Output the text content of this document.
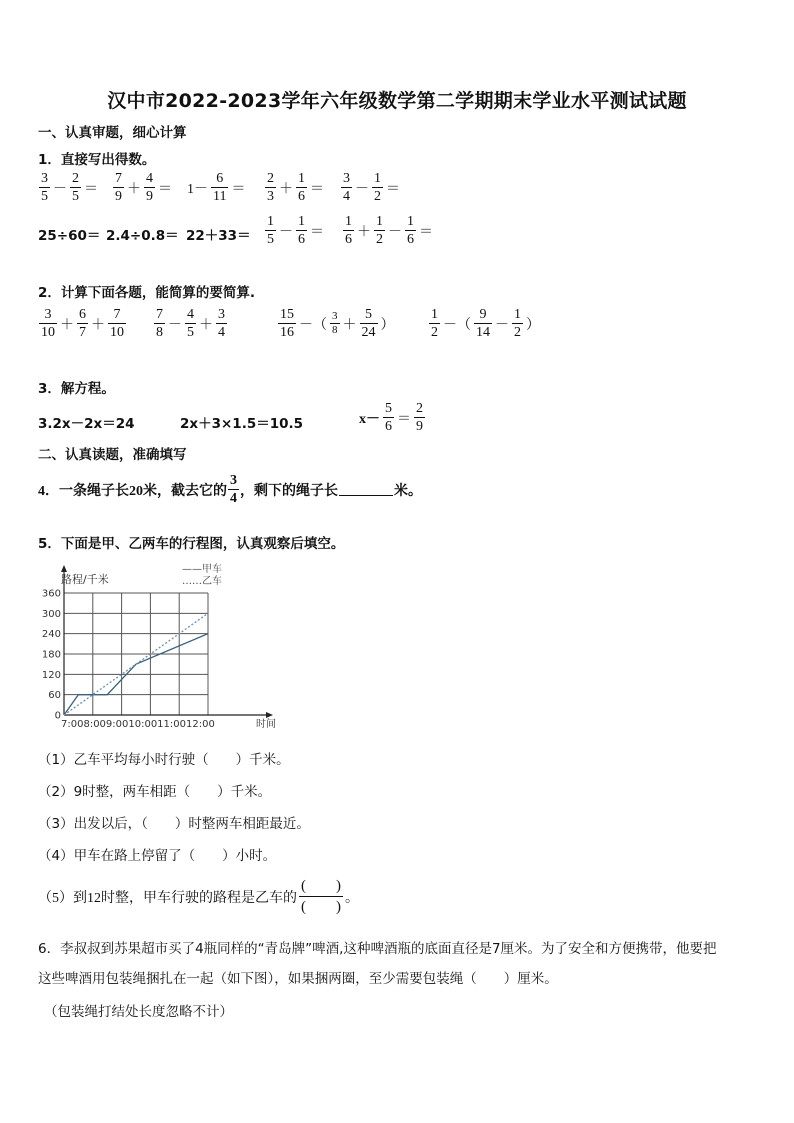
汉中市2022-2023学年六年级数学第二学期期末学业水平测试试题
一、认真审题，细心计算
1．直接写出得数。
$\frac{3}{5} - \frac{2}{5} = \frac{7}{9} + \frac{4}{9} = 1- \frac{6}{11} = \frac{2}{3} + \frac{1}{6} = \frac{3}{4} - \frac{1}{2}$ ＝
$25\div 60= 2.4\div 0.8= 22+33= \frac{1}{5} - \frac{1}{6} = \frac{1}{6} + \frac{1}{2} - \frac{1}{6}$ ＝
2．计算下面各题，能简算的要简算.
$\frac{3}{10} + \frac{6}{7} + \frac{7}{10} \frac{7}{8} - \frac{4}{5} + \frac{3}{4}$	$\frac{15}{16}$ －（ $\frac{3}{8} + \frac{5}{24}$ ） $\frac{1}{2}$ －（ $\frac{9}{14} - \frac{1}{2}$ ）
3．解方程。
3.2x－2x＝24	2x＋3×1.5＝10.5	$x- \frac{5}{6} = \frac{2}{9}$
二、认真读题，准确填写
4．一条绳子长20米，截去它的 $\frac{3}{4}$ ，剩下的绳子长	米。
5．下面是甲、乙两车的行程图，认真观察后填空。
0
60
120
180
240
300
360
路程/千米
时间
——甲车
……乙车
7:008:009:0010:0011:0012:00
（1）乙车平均每小时行驶（　　）千米。
（2）9时整，两车相距（　　）千米。
（3）出发以后，（　　）时整两车相距最近。
（4）甲车在路上停留了（　　）小时。
（5）到12时整，甲车行驶的路程是乙车的 $\frac{( )}{( )}$ 。
6．李叔叔到苏果超市买了4瓶同样的“青岛牌”啤酒,这种啤酒瓶的底面直径是7厘米。为了安全和方便携带，他要把
这些啤酒用包装绳捆扎在一起（如下图），如果捆两圈，至少需要包装绳（　　）厘米。
（包装绳打结处长度忽略不计）
